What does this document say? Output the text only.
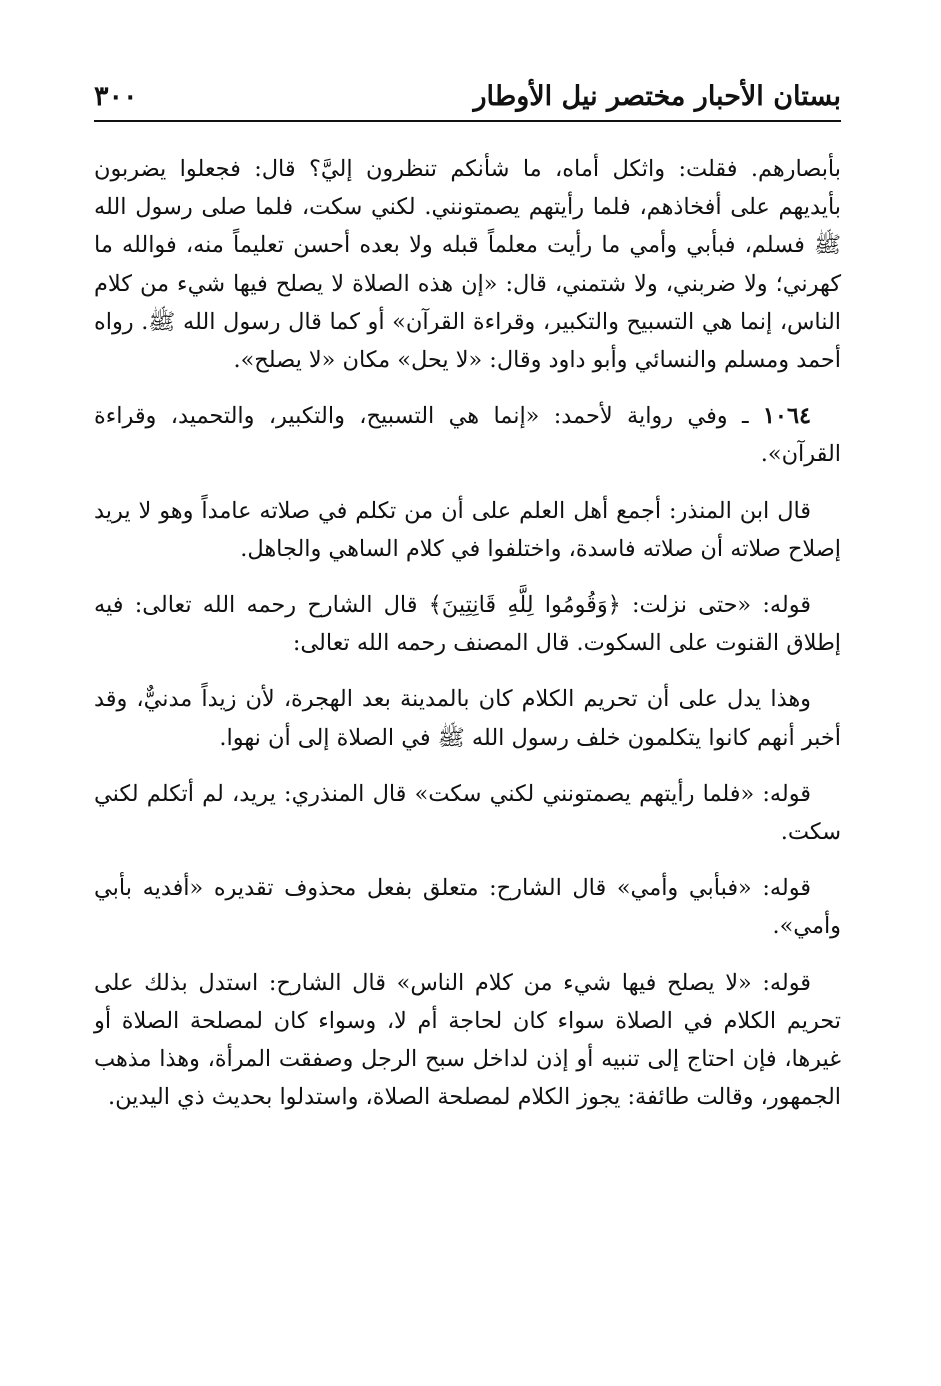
بستان الأحبار مختصر نيل الأوطار
٣٠٠

بأبصارهم. فقلت: واثكل أماه، ما شأنكم تنظرون إليَّ؟ قال: فجعلوا يضربون بأيديهم على أفخاذهم، فلما رأيتهم يصمتونني. لكني سكت، فلما صلى رسول الله ﷺ فسلم، فبأبي وأمي ما رأيت معلماً قبله ولا بعده أحسن تعليماً منه، فوالله ما كهرني؛ ولا ضربني، ولا شتمني، قال: «إن هذه الصلاة لا يصلح فيها شيء من كلام الناس، إنما هي التسبيح والتكبير، وقراءة القرآن» أو كما قال رسول الله ﷺ. رواه أحمد ومسلم والنسائي وأبو داود وقال: «لا يحل» مكان «لا يصلح».

١٠٦٤ ـ وفي رواية لأحمد: «إنما هي التسبيح، والتكبير، والتحميد، وقراءة القرآن».

قال ابن المنذر: أجمع أهل العلم على أن من تكلم في صلاته عامداً وهو لا يريد إصلاح صلاته أن صلاته فاسدة، واختلفوا في كلام الساهي والجاهل.

قوله: «حتى نزلت: ﴿وَقُومُوا لِلَّهِ قَانِتِينَ﴾ قال الشارح رحمه الله تعالى: فيه إطلاق القنوت على السكوت. قال المصنف رحمه الله تعالى:

وهذا يدل على أن تحريم الكلام كان بالمدينة بعد الهجرة، لأن زيداً مدنيٌّ، وقد أخبر أنهم كانوا يتكلمون خلف رسول الله ﷺ في الصلاة إلى أن نهوا.

قوله: «فلما رأيتهم يصمتونني لكني سكت» قال المنذري: يريد، لم أتكلم لكني سكت.

قوله: «فبأبي وأمي» قال الشارح: متعلق بفعل محذوف تقديره «أفديه بأبي وأمي».

قوله: «لا يصلح فيها شيء من كلام الناس» قال الشارح: استدل بذلك على تحريم الكلام في الصلاة سواء كان لحاجة أم لا، وسواء كان لمصلحة الصلاة أو غيرها، فإن احتاج إلى تنبيه أو إذن لداخل سبح الرجل وصفقت المرأة، وهذا مذهب الجمهور، وقالت طائفة: يجوز الكلام لمصلحة الصلاة، واستدلوا بحديث ذي اليدين.
